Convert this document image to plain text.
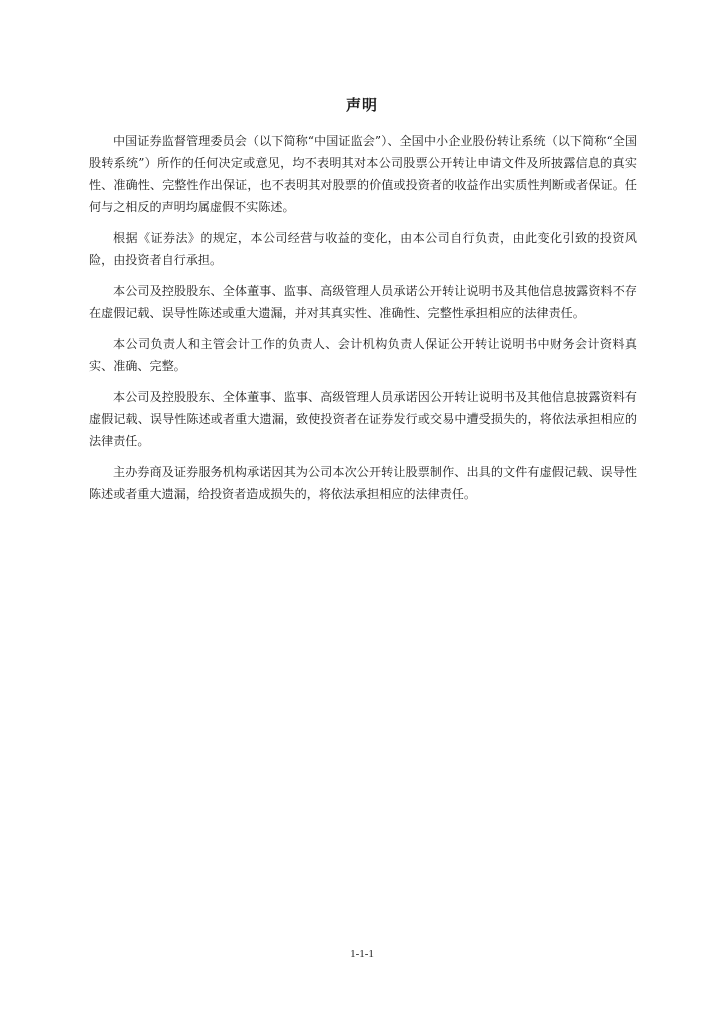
声明

中国证券监督管理委员会（以下简称“中国证监会”）、全国中小企业股份转让系统（以下简称“全国股转系统”）所作的任何决定或意见，均不表明其对本公司股票公开转让申请文件及所披露信息的真实性、准确性、完整性作出保证，也不表明其对股票的价值或投资者的收益作出实质性判断或者保证。任何与之相反的声明均属虚假不实陈述。

根据《证券法》的规定，本公司经营与收益的变化，由本公司自行负责，由此变化引致的投资风险，由投资者自行承担。

本公司及控股股东、全体董事、监事、高级管理人员承诺公开转让说明书及其他信息披露资料不存在虚假记载、误导性陈述或重大遗漏，并对其真实性、准确性、完整性承担相应的法律责任。

本公司负责人和主管会计工作的负责人、会计机构负责人保证公开转让说明书中财务会计资料真实、准确、完整。

本公司及控股股东、全体董事、监事、高级管理人员承诺因公开转让说明书及其他信息披露资料有虚假记载、误导性陈述或者重大遗漏，致使投资者在证券发行或交易中遭受损失的，将依法承担相应的法律责任。

主办券商及证券服务机构承诺因其为公司本次公开转让股票制作、出具的文件有虚假记载、误导性陈述或者重大遗漏，给投资者造成损失的，将依法承担相应的法律责任。

1-1-1
